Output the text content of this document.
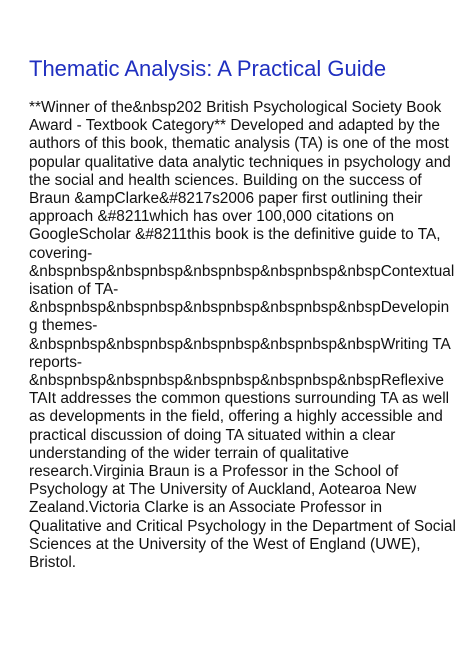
Thematic Analysis: A Practical Guide

**Winner of the&nbsp202 British Psychological Society Book Award - Textbook Category** Developed and adapted by the authors of this book, thematic analysis (TA) is one of the most popular qualitative data analytic techniques in psychology and the social and health sciences. Building on the success of Braun &ampClarke&#8217s2006 paper first outlining their approach &#8211which has over 100,000 citations on GoogleScholar &#8211this book is the definitive guide to TA, covering-&nbspnbsp&nbspnbsp&nbspnbsp&nbspnbsp&nbspContextualisation of TA-&nbspnbsp&nbspnbsp&nbspnbsp&nbspnbsp&nbspDeveloping themes-&nbspnbsp&nbspnbsp&nbspnbsp&nbspnbsp&nbspWriting TA reports-&nbspnbsp&nbspnbsp&nbspnbsp&nbspnbsp&nbspReflexive TAIt addresses the common questions surrounding TA as well as developments in the field, offering a highly accessible and practical discussion of doing TA situated within a clear understanding of the wider terrain of qualitative research.Virginia Braun is a Professor in the School of Psychology at The University of Auckland, Aotearoa New Zealand.Victoria Clarke is an Associate Professor in Qualitative and Critical Psychology in the Department of Social Sciences at the University of the West of England (UWE), Bristol.
